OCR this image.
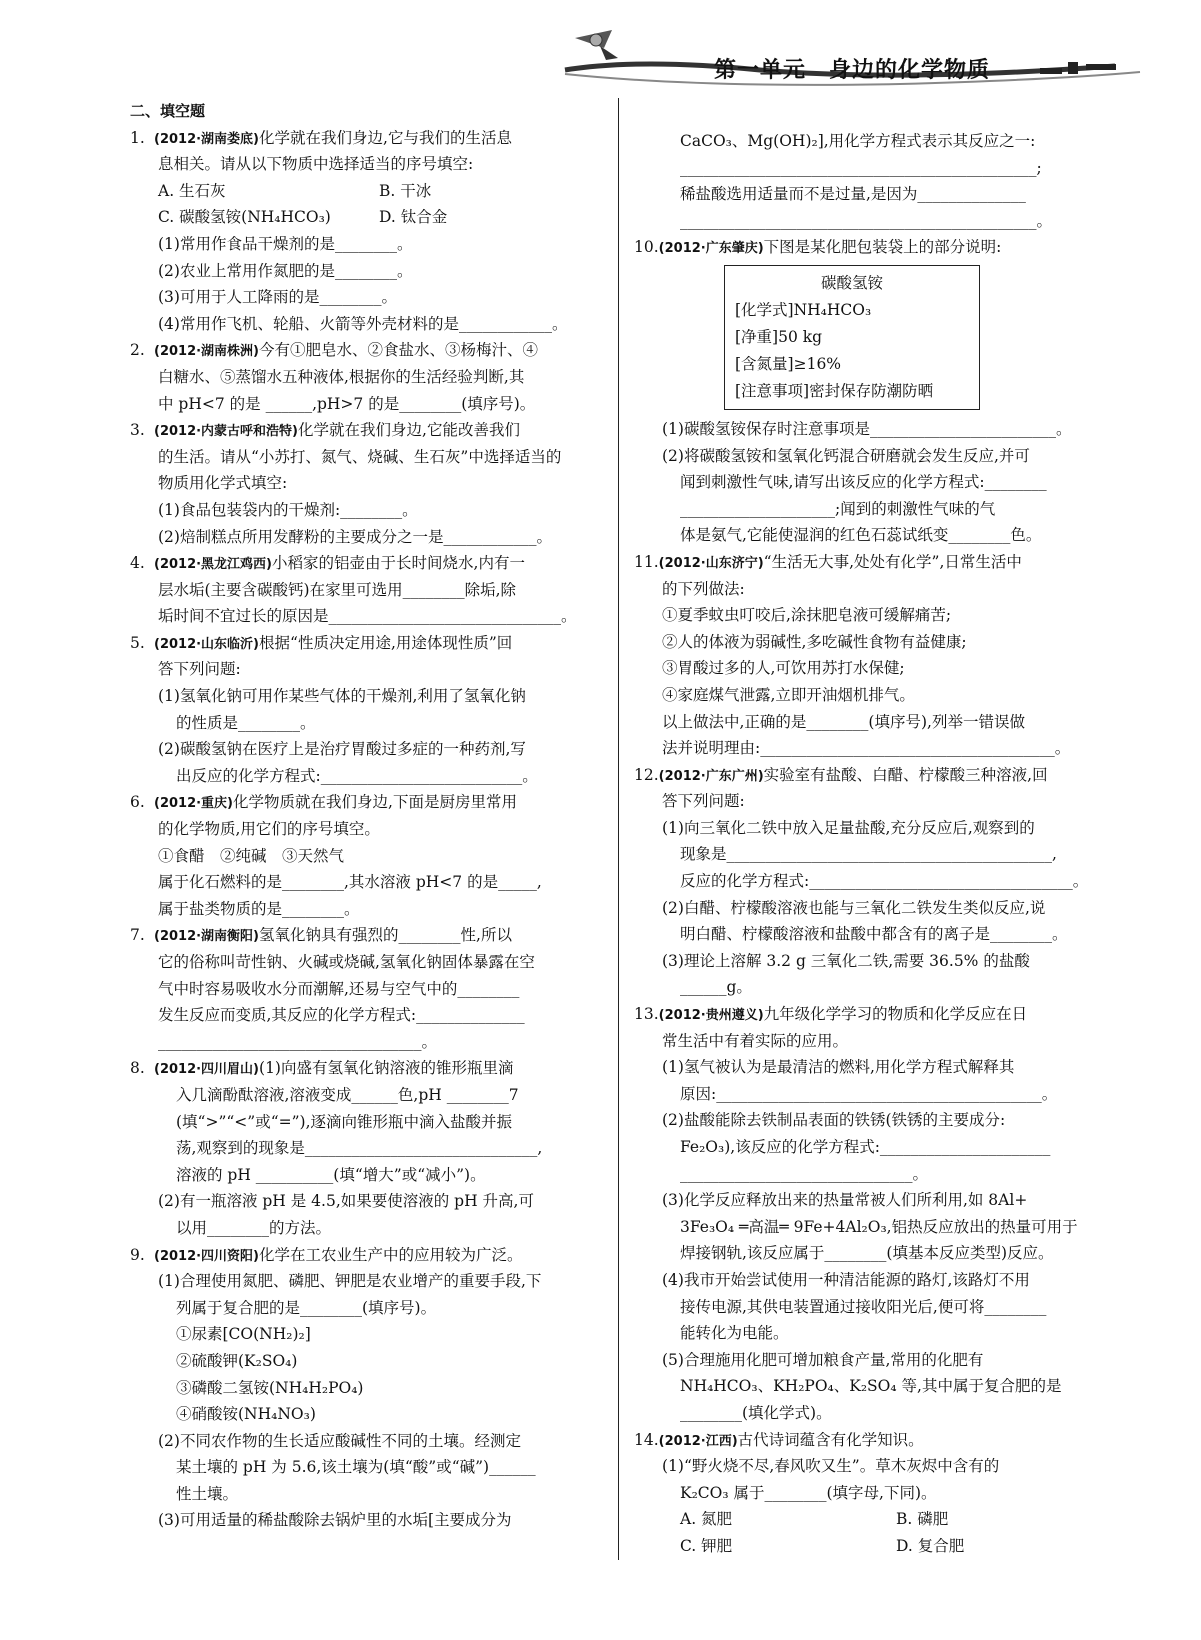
第一单元　身边的化学物质
二、填空题
1. (2012·湖南娄底)化学就在我们身边,它与我们的生活息
息相关。请从以下物质中选择适当的序号填空:
A. 生石灰	B. 干冰
C. 碳酸氢铵(NH₄HCO₃)	D. 钛合金
(1)常用作食品干燥剂的是________。
(2)农业上常用作氮肥的是________。
(3)可用于人工降雨的是________。
(4)常用作飞机、轮船、火箭等外壳材料的是____________。
2. (2012·湖南株洲)今有①肥皂水、②食盐水、③杨梅汁、④
白糖水、⑤蒸馏水五种液体,根据你的生活经验判断,其
中 pH<7 的是 ______,pH>7 的是________(填序号)。
3. (2012·内蒙古呼和浩特)化学就在我们身边,它能改善我们
的生活。请从“小苏打、氮气、烧碱、生石灰”中选择适当的
物质用化学式填空:
(1)食品包装袋内的干燥剂:________。
(2)焙制糕点所用发酵粉的主要成分之一是____________。
4. (2012·黑龙江鸡西)小稻家的铝壶由于长时间烧水,内有一
层水垢(主要含碳酸钙)在家里可选用________除垢,除
垢时间不宜过长的原因是______________________________。
5. (2012·山东临沂)根据“性质决定用途,用途体现性质”回
答下列问题:
(1)氢氧化钠可用作某些气体的干燥剂,利用了氢氧化钠
的性质是________。
(2)碳酸氢钠在医疗上是治疗胃酸过多症的一种药剂,写
出反应的化学方程式:__________________________。
6. (2012·重庆)化学物质就在我们身边,下面是厨房里常用
的化学物质,用它们的序号填空。
①食醋　②纯碱　③天然气
属于化石燃料的是________,其水溶液 pH<7 的是_____,
属于盐类物质的是________。
7. (2012·湖南衡阳)氢氧化钠具有强烈的________性,所以
它的俗称叫苛性钠、火碱或烧碱,氢氧化钠固体暴露在空
气中时容易吸收水分而潮解,还易与空气中的________
发生反应而变质,其反应的化学方程式:______________
__________________________________。
8. (2012·四川眉山)(1)向盛有氢氧化钠溶液的锥形瓶里滴
入几滴酚酞溶液,溶液变成______色,pH ________7
(填“>”“<”或“=”),逐滴向锥形瓶中滴入盐酸并振
荡,观察到的现象是______________________________,
溶液的 pH __________(填“增大”或“减小”)。
(2)有一瓶溶液 pH 是 4.5,如果要使溶液的 pH 升高,可
以用________的方法。
9. (2012·四川资阳)化学在工农业生产中的应用较为广泛。
(1)合理使用氮肥、磷肥、钾肥是农业增产的重要手段,下
列属于复合肥的是________(填序号)。
①尿素[CO(NH₂)₂]
②硫酸钾(K₂SO₄)
③磷酸二氢铵(NH₄H₂PO₄)
④硝酸铵(NH₄NO₃)
(2)不同农作物的生长适应酸碱性不同的土壤。经测定
某土壤的 pH 为 5.6,该土壤为(填“酸”或“碱”)______
性土壤。
(3)可用适量的稀盐酸除去锅炉里的水垢[主要成分为
CaCO₃、Mg(OH)₂],用化学方程式表示其反应之一:
______________________________________________;
稀盐酸选用适量而不是过量,是因为______________
______________________________________________。
10.(2012·广东肇庆)下图是某化肥包装袋上的部分说明:
碳酸氢铵
[化学式]NH₄HCO₃
[净重]50 kg
[含氮量]≥16%
[注意事项]密封保存防潮防晒
(1)碳酸氢铵保存时注意事项是________________________。
(2)将碳酸氢铵和氢氧化钙混合研磨就会发生反应,并可
闻到刺激性气味,请写出该反应的化学方程式:________
____________________;闻到的刺激性气味的气
体是氨气,它能使湿润的红色石蕊试纸变________色。
11.(2012·山东济宁)“生活无大事,处处有化学”,日常生活中
的下列做法:
①夏季蚊虫叮咬后,涂抹肥皂液可缓解痛苦;
②人的体液为弱碱性,多吃碱性食物有益健康;
③胃酸过多的人,可饮用苏打水保健;
④家庭煤气泄露,立即开油烟机排气。
以上做法中,正确的是________(填序号),列举一错误做
法并说明理由:______________________________________。
12.(2012·广东广州)实验室有盐酸、白醋、柠檬酸三种溶液,回
答下列问题:
(1)向三氧化二铁中放入足量盐酸,充分反应后,观察到的
现象是__________________________________________,
反应的化学方程式:__________________________________。
(2)白醋、柠檬酸溶液也能与三氧化二铁发生类似反应,说
明白醋、柠檬酸溶液和盐酸中都含有的离子是________。
(3)理论上溶解 3.2 g 三氧化二铁,需要 36.5% 的盐酸
______g。
13.(2012·贵州遵义)九年级化学学习的物质和化学反应在日
常生活中有着实际的应用。
(1)氢气被认为是最清洁的燃料,用化学方程式解释其
原因:__________________________________________。
(2)盐酸能除去铁制品表面的铁锈(铁锈的主要成分:
Fe₂O₃),该反应的化学方程式:______________________
______________________________。
(3)化学反应释放出来的热量常被人们所利用,如 8Al+
3Fe₃O₄ ═高温═ 9Fe+4Al₂O₃,铝热反应放出的热量可用于
焊接钢轨,该反应属于________(填基本反应类型)反应。
(4)我市开始尝试使用一种清洁能源的路灯,该路灯不用
接传电源,其供电装置通过接收阳光后,便可将________
能转化为电能。
(5)合理施用化肥可增加粮食产量,常用的化肥有
NH₄HCO₃、KH₂PO₄、K₂SO₄ 等,其中属于复合肥的是
________(填化学式)。
14.(2012·江西)古代诗词蕴含有化学知识。
(1)“野火烧不尽,春风吹又生”。草木灰烬中含有的
K₂CO₃ 属于________(填字母,下同)。
A. 氮肥	B. 磷肥
C. 钾肥	D. 复合肥
